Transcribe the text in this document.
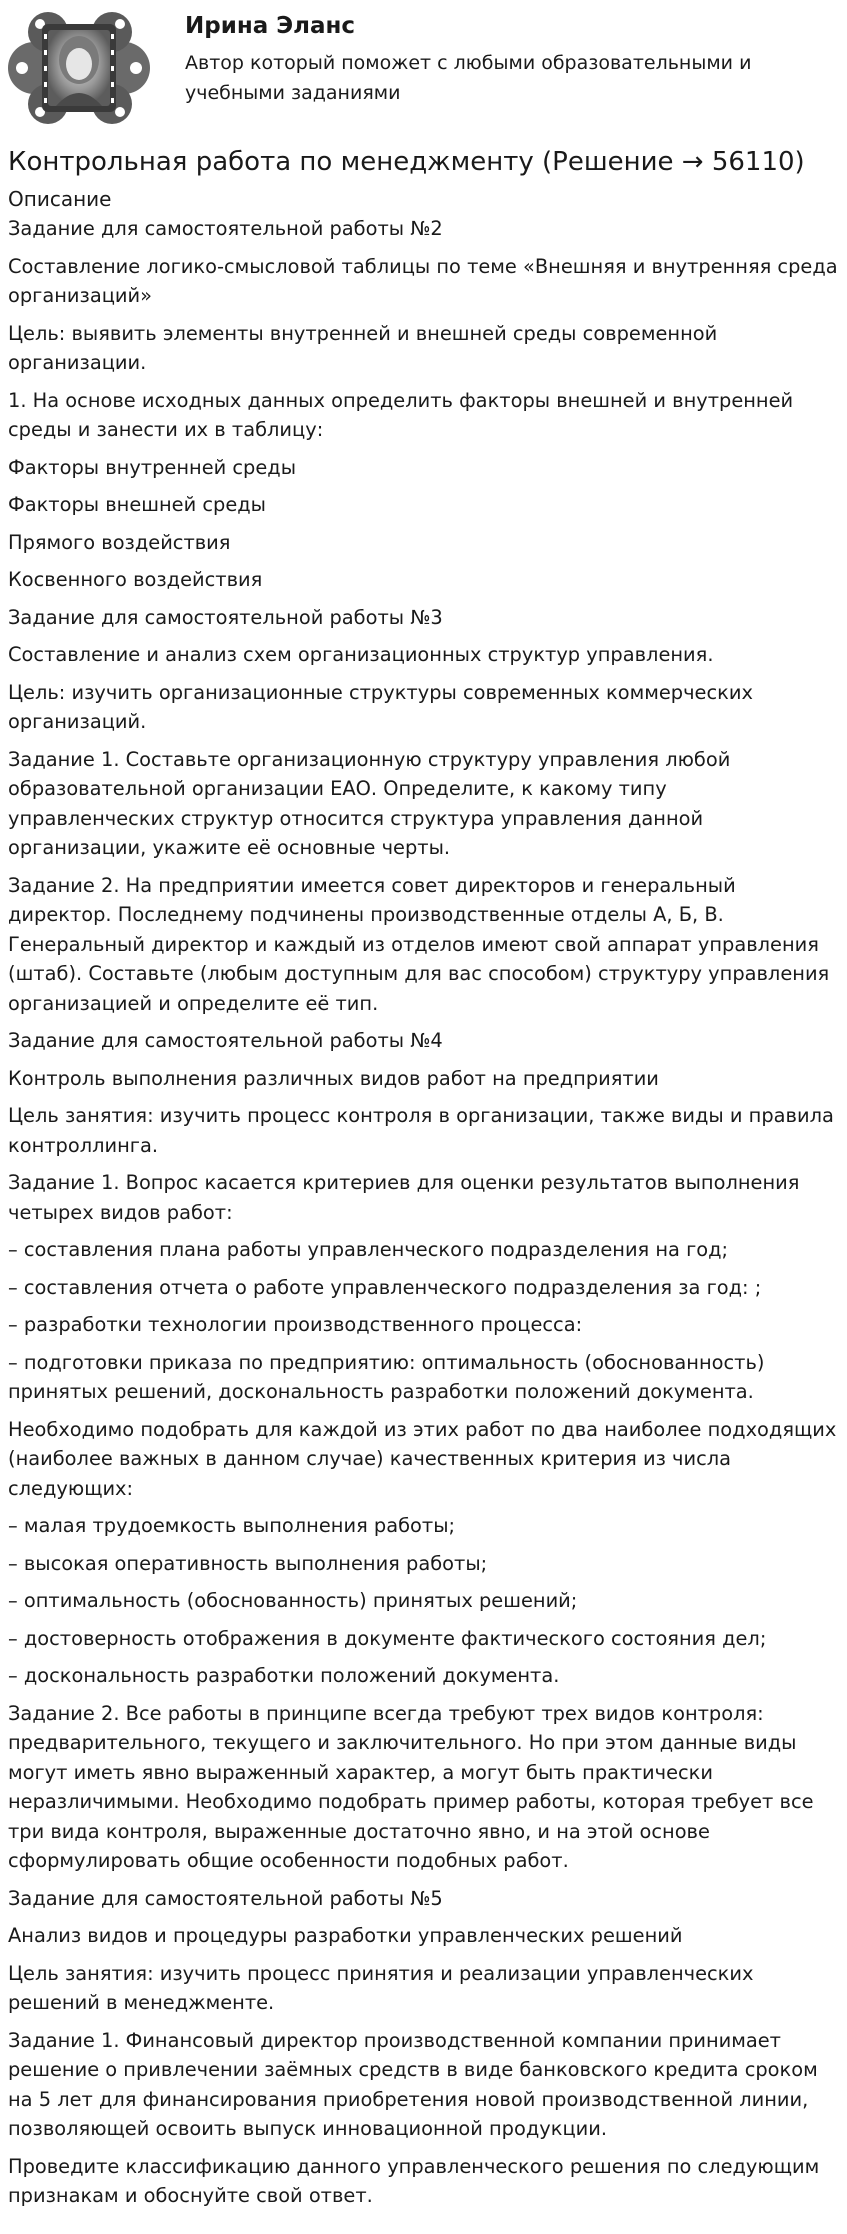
Ирина Эланс

Автор который поможет с любыми образовательными и учебными заданиями

Контрольная работа по менеджменту (Решение → 56110)
Описание

Задание для самостоятельной работы №2

Составление логико-смысловой таблицы по теме «Внешняя и внутренняя среда организаций»

Цель: выявить элементы внутренней и внешней среды современной организации.

1. На основе исходных данных определить факторы внешней и внутренней среды и занести их в таблицу:

Факторы внутренней среды

Факторы внешней среды

Прямого воздействия

Косвенного воздействия

Задание для самостоятельной работы №3

Составление и анализ схем организационных структур управления.

Цель: изучить организационные структуры современных коммерческих организаций.

Задание 1. Составьте организационную структуру управления любой образовательной организации ЕАО. Определите, к какому типу управленческих структур относится структура управления данной организации, укажите её основные черты.

Задание 2. На предприятии имеется совет директоров и генеральный директор. Последнему подчинены производственные отделы А, Б, В. Генеральный директор и каждый из отделов имеют свой аппарат управления (штаб). Составьте (любым доступным для вас способом) структуру управления организацией и определите её тип.

Задание для самостоятельной работы №4

Контроль выполнения различных видов работ на предприятии

Цель занятия: изучить процесс контроля в организации, также виды и правила контроллинга.

Задание 1. Вопрос касается критериев для оценки результатов выполнения четырех видов работ:

– составления плана работы управленческого подразделения на год;

– составления отчета о работе управленческого подразделения за год: ;

– разработки технологии производственного процесса:

– подготовки приказа по предприятию: оптимальность (обоснованность) принятых решений, доскональность разработки положений документа.

Необходимо подобрать для каждой из этих работ по два наиболее подходящих (наиболее важных в данном случае) качественных критерия из числа следующих:

– малая трудоемкость выполнения работы;

– высокая оперативность выполнения работы;

– оптимальность (обоснованность) принятых решений;

– достоверность отображения в документе фактического состояния дел;

– доскональность разработки положений документа.

Задание 2. Все работы в принципе всегда требуют трех видов контроля: предварительного, текущего и заключительного. Но при этом данные виды могут иметь явно выраженный характер, а могут быть практически неразличимыми. Необходимо подобрать пример работы, которая требует все три вида контроля, выраженные достаточно явно, и на этой основе сформулировать общие особенности подобных работ.

Задание для самостоятельной работы №5

Анализ видов и процедуры разработки управленческих решений

Цель занятия: изучить процесс принятия и реализации управленческих решений в менеджменте.

Задание 1. Финансовый директор производственной компании принимает решение о привлечении заёмных средств в виде банковского кредита сроком на 5 лет для финансирования приобретения новой производственной линии, позволяющей освоить выпуск инновационной продукции.

Проведите классификацию данного управленческого решения по следующим признакам и обоснуйте свой ответ.
